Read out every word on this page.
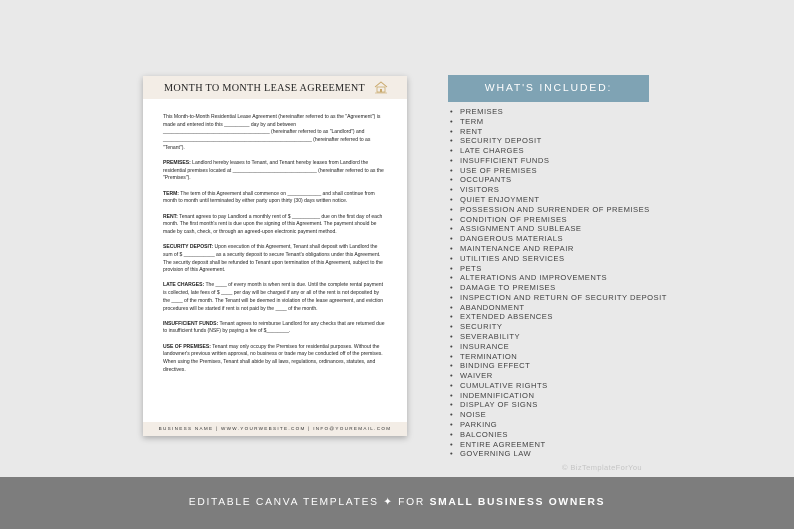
MONTH TO MONTH LEASE AGREEMENT

This Month-to-Month Residential Lease Agreement (hereinafter referred to as the "Agreement") is made and entered into this _________ day by and between ______________________________________ (hereinafter referred to as "Landlord") and _____________________________________________________ (hereinafter referred to as "Tenant").

PREMISES: Landlord hereby leases to Tenant, and Tenant hereby leases from Landlord the residential premises located at ______________________________ (hereinafter referred to as the "Premises").

TERM: The term of this Agreement shall commence on ____________ and shall continue from month to month until terminated by either party upon thirty (30) days written notice.

RENT: Tenant agrees to pay Landlord a monthly rent of $ __________ due on the first day of each month. The first month's rent is due upon the signing of this Agreement. The payment should be made by cash, check, or through an agreed-upon electronic payment method.

SECURITY DEPOSIT: Upon execution of this Agreement, Tenant shall deposit with Landlord the sum of $ ___________ as a security deposit to secure Tenant's obligations under this Agreement. The security deposit shall be refunded to Tenant upon termination of this Agreement, subject to the provision of this Agreement.

LATE CHARGES: The ____ of every month is when rent is due. Until the complete rental payment is collected, late fees of $ ____ per day will be charged if any or all of the rent is not deposited by the ____ of the month. The Tenant will be deemed in violation of the lease agreement, and eviction procedures will be started if rent is not paid by the ____ of the month.

INSUFFICIENT FUNDS: Tenant agrees to reimburse Landlord for any checks that are returned due to insufficient funds (NSF) by paying a fee of $________.

USE OF PREMISES: Tenant may only occupy the Premises for residential purposes. Without the landowner's previous written approval, no business or trade may be conducted off of the premises. When using the Premises, Tenant shall abide by all laws, regulations, ordinances, statutes, and directives.

BUSINESS NAME | WWW.YOURWEBSITE.COM | INFO@YOUREMAIL.COM
WHAT'S INCLUDED:
• PREMISES
• TERM
• RENT
• SECURITY DEPOSIT
• LATE CHARGES
• INSUFFICIENT FUNDS
• USE OF PREMISES
• OCCUPANTS
• VISITORS
• QUIET ENJOYMENT
• POSSESSION AND SURRENDER OF PREMISES
• CONDITION OF PREMISES
• ASSIGNMENT AND SUBLEASE
• DANGEROUS MATERIALS
• MAINTENANCE AND REPAIR
• UTILITIES AND SERVICES
• PETS
• ALTERATIONS AND IMPROVEMENTS
• DAMAGE TO PREMISES
• INSPECTION AND RETURN OF SECURITY DEPOSIT
• ABANDONMENT
• EXTENDED ABSENCES
• SECURITY
• SEVERABILITY
• INSURANCE
• TERMINATION
• BINDING EFFECT
• WAIVER
• CUMULATIVE RIGHTS
• INDEMNIFICATION
• DISPLAY OF SIGNS
• NOISE
• PARKING
• BALCONIES
• ENTIRE AGREEMENT
• GOVERNING LAW
© BizTemplateForYou
EDITABLE CANVA TEMPLATES ✦ FOR SMALL BUSINESS OWNERS
